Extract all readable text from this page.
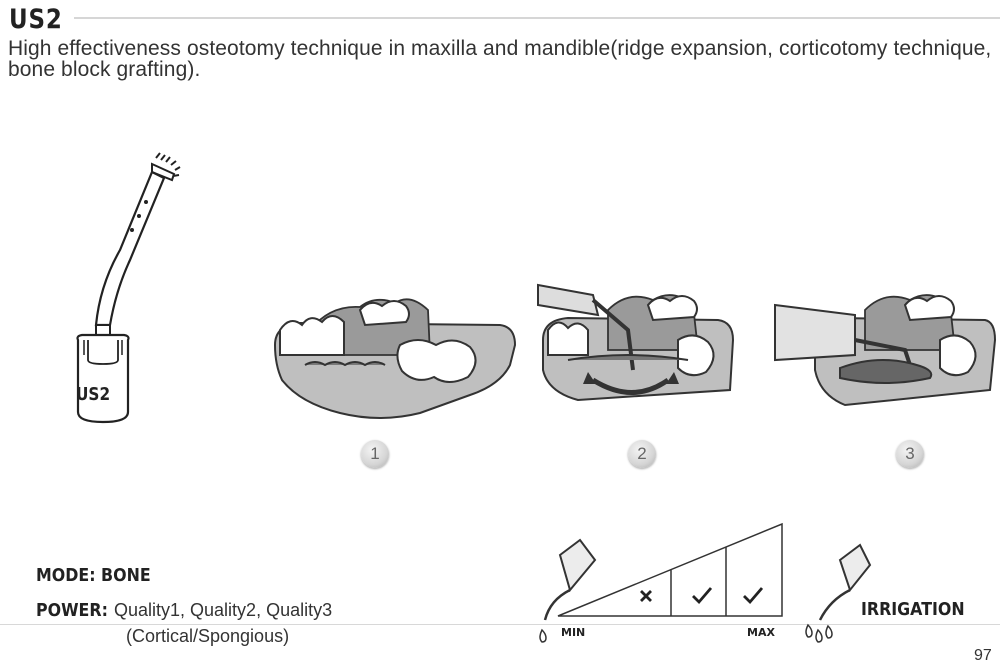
US2
High effectiveness osteotomy technique in maxilla and mandible(ridge expansion, corticotomy technique, bone block grafting).
US2
1	2	3
MODE: BONE
POWER: Quality1, Quality2, Quality3
(Cortical/Spongious)	MIN	MAX
IRRIGATION
97
